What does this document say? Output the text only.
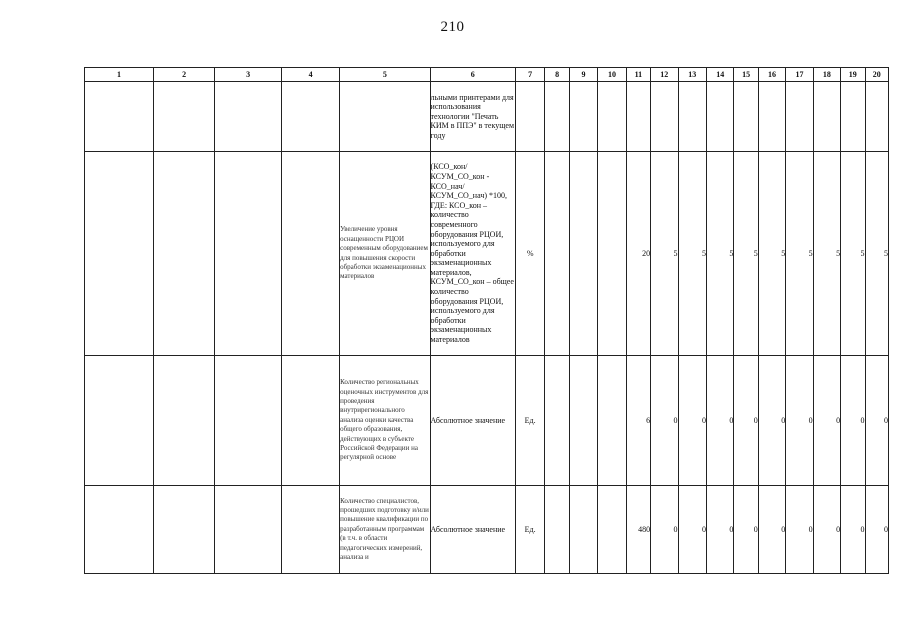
210
1	2	3	4	5	6	7	8	9	10	11	12	13	14	15	16	17	18	19	20
					льными принтерами для использования технологии "Печать КИМ в ППЭ" в текущем году														
				Увеличение уровня оснащенности РЦОИ современным оборудованием для повышения скорости обработки экзаменационных материалов	(КСО_кон/КСУМ_СО_кон - КСО_нач/КСУМ_СО_нач) *100, ГДЕ: КСО_кон – количество современного оборудования РЦОИ, используемого для обработки экзаменационных материалов, КСУМ_СО_кон – общее количество оборудования РЦОИ, используемого для обработки экзаменационных материалов	%				20	5	5	5	5	5	5	5	5	5
				Количество региональных оценочных инструментов для проведения внутрирегионального анализа оценки качества общего образования, действующих в субъекте Российской Федерации на регулярной основе	Абсолютное значение	Ед.				6	0	0	0	0	0	0	0	0	0
				Количество специалистов, прошедших подготовку и/или повышение квалификации по разработанным программам (в т.ч. в области педагогических измерений, анализа и	Абсолютное значение	Ед.				480	0	0	0	0	0	0	0	0	0
